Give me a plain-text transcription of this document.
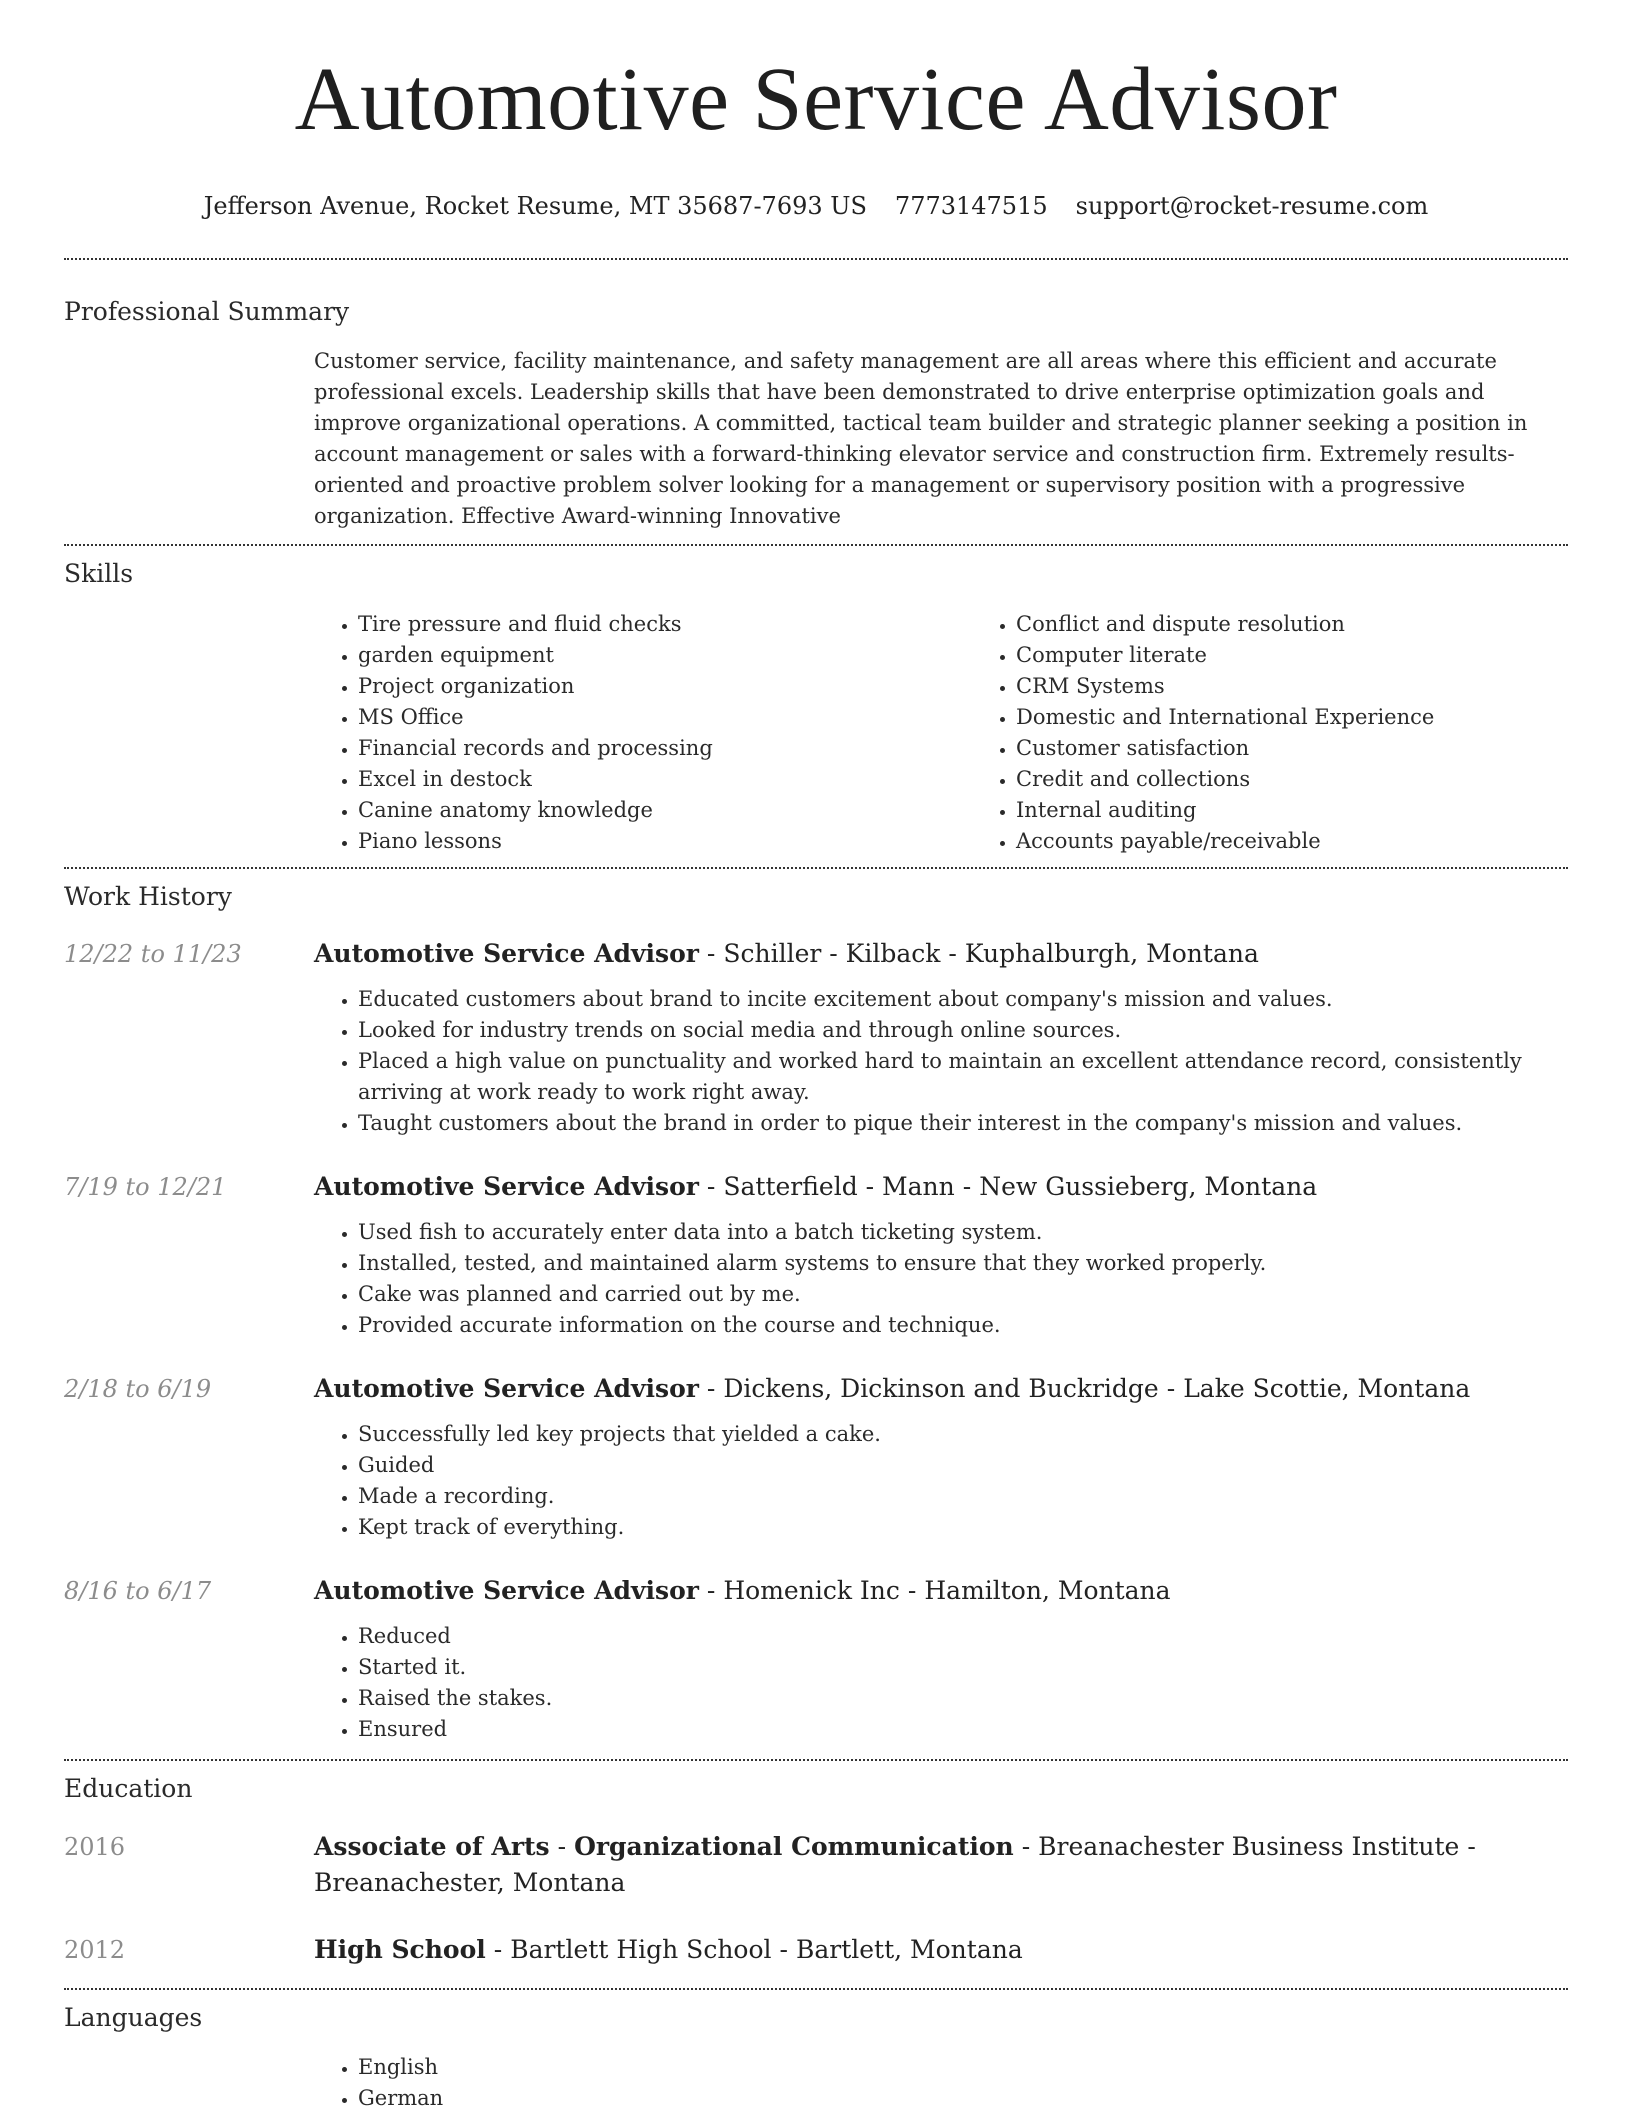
Automotive Service Advisor
Jefferson Avenue, Rocket Resume, MT 35687-7693 US 7773147515 support@rocket-resume.com
Professional Summary

Customer service, facility maintenance, and safety management are all areas where this efficient and accurate professional excels. Leadership skills that have been demonstrated to drive enterprise optimization goals and improve organizational operations. A committed, tactical team builder and strategic planner seeking a position in account management or sales with a forward-thinking elevator service and construction firm. Extremely results-oriented and proactive problem solver looking for a management or supervisory position with a progressive organization. Effective Award-winning Innovative

Skills
• Tire pressure and fluid checks
• garden equipment
• Project organization
• MS Office
• Financial records and processing
• Excel in destock
• Canine anatomy knowledge
• Piano lessons
• Conflict and dispute resolution
• Computer literate
• CRM Systems
• Domestic and International Experience
• Customer satisfaction
• Credit and collections
• Internal auditing
• Accounts payable/receivable
Work History
12/22 to 11/23	Automotive Service Advisor - Schiller - Kilback - Kuphalburgh, Montana
• Educated customers about brand to incite excitement about company's mission and values.
• Looked for industry trends on social media and through online sources.
• Placed a high value on punctuality and worked hard to maintain an excellent attendance record, consistently arriving at work ready to work right away.
• Taught customers about the brand in order to pique their interest in the company's mission and values.
7/19 to 12/21	Automotive Service Advisor - Satterfield - Mann - New Gussieberg, Montana
• Used fish to accurately enter data into a batch ticketing system.
• Installed, tested, and maintained alarm systems to ensure that they worked properly.
• Cake was planned and carried out by me.
• Provided accurate information on the course and technique.
2/18 to 6/19	Automotive Service Advisor - Dickens, Dickinson and Buckridge - Lake Scottie, Montana
• Successfully led key projects that yielded a cake.
• Guided
• Made a recording.
• Kept track of everything.
8/16 to 6/17	Automotive Service Advisor - Homenick Inc - Hamilton, Montana
• Reduced
• Started it.
• Raised the stakes.
• Ensured
Education
2016	Associate of Arts - Organizational Communication - Breanachester Business Institute -Breanachester, Montana
2012	High School - Bartlett High School - Bartlett, Montana
Languages
• English
• German
